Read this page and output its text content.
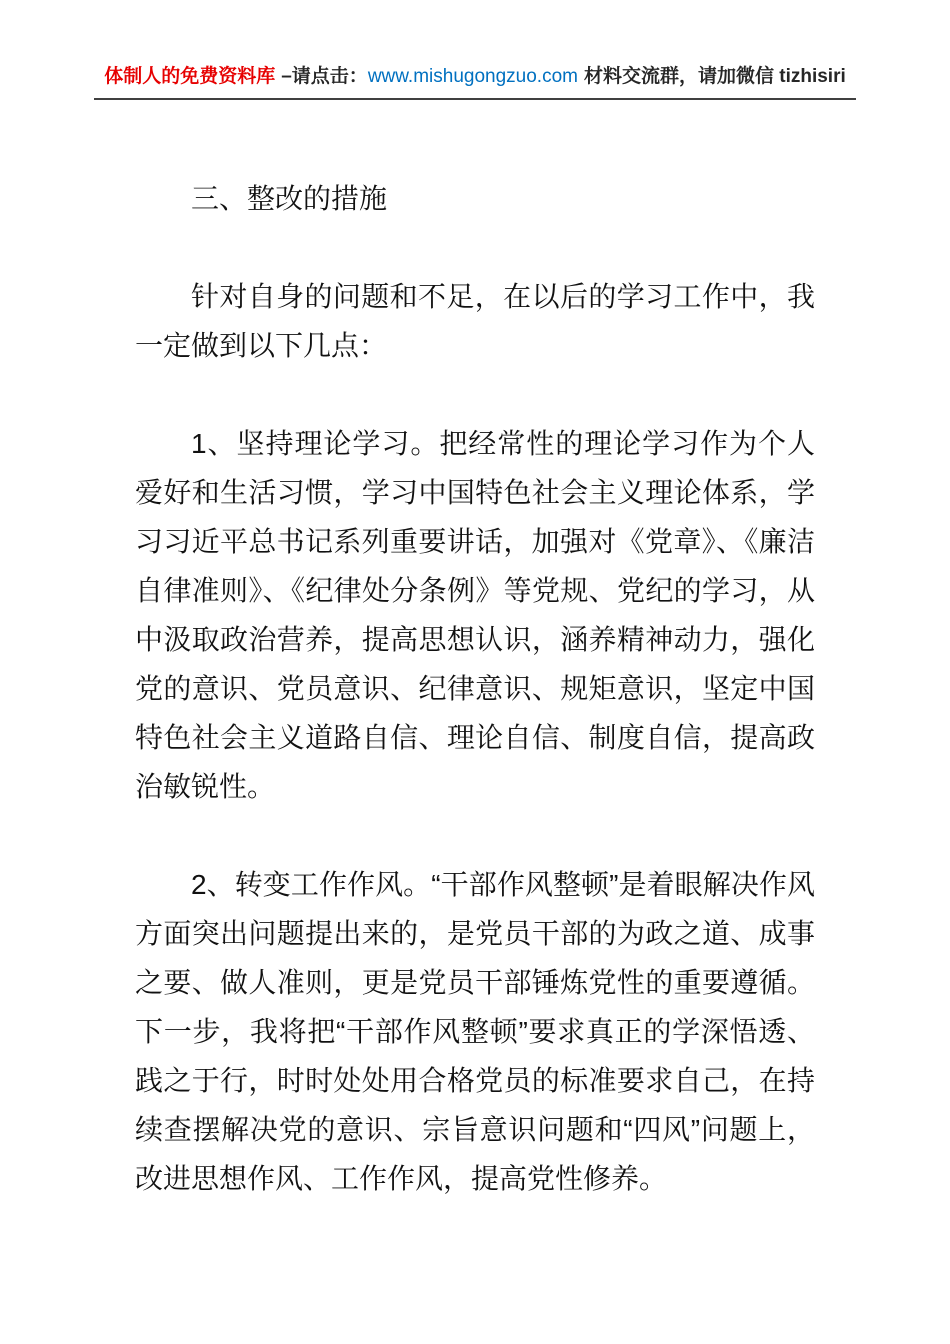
体制人的免费资料库 –请点击：www.mishugongzuo.com 材料交流群，请加微信 tizhisiri
三、整改的措施

针对自身的问题和不足，在以后的学习工作中，我一定做到以下几点：

1、坚持理论学习。把经常性的理论学习作为个人爱好和生活习惯，学习中国特色社会主义理论体系，学习习近平总书记系列重要讲话，加强对《党章》、《廉洁自律准则》、《纪律处分条例》等党规、党纪的学习，从中汲取政治营养，提高思想认识，涵养精神动力，强化党的意识、党员意识、纪律意识、规矩意识，坚定中国特色社会主义道路自信、理论自信、制度自信，提高政治敏锐性。

2、转变工作作风。“干部作风整顿”是着眼解决作风方面突出问题提出来的，是党员干部的为政之道、成事之要、做人准则，更是党员干部锤炼党性的重要遵循。下一步，我将把“干部作风整顿”要求真正的学深悟透、践之于行，时时处处用合格党员的标准要求自己，在持续查摆解决党的意识、宗旨意识问题和“四风”问题上，改进思想作风、工作作风，提高党性修养。
